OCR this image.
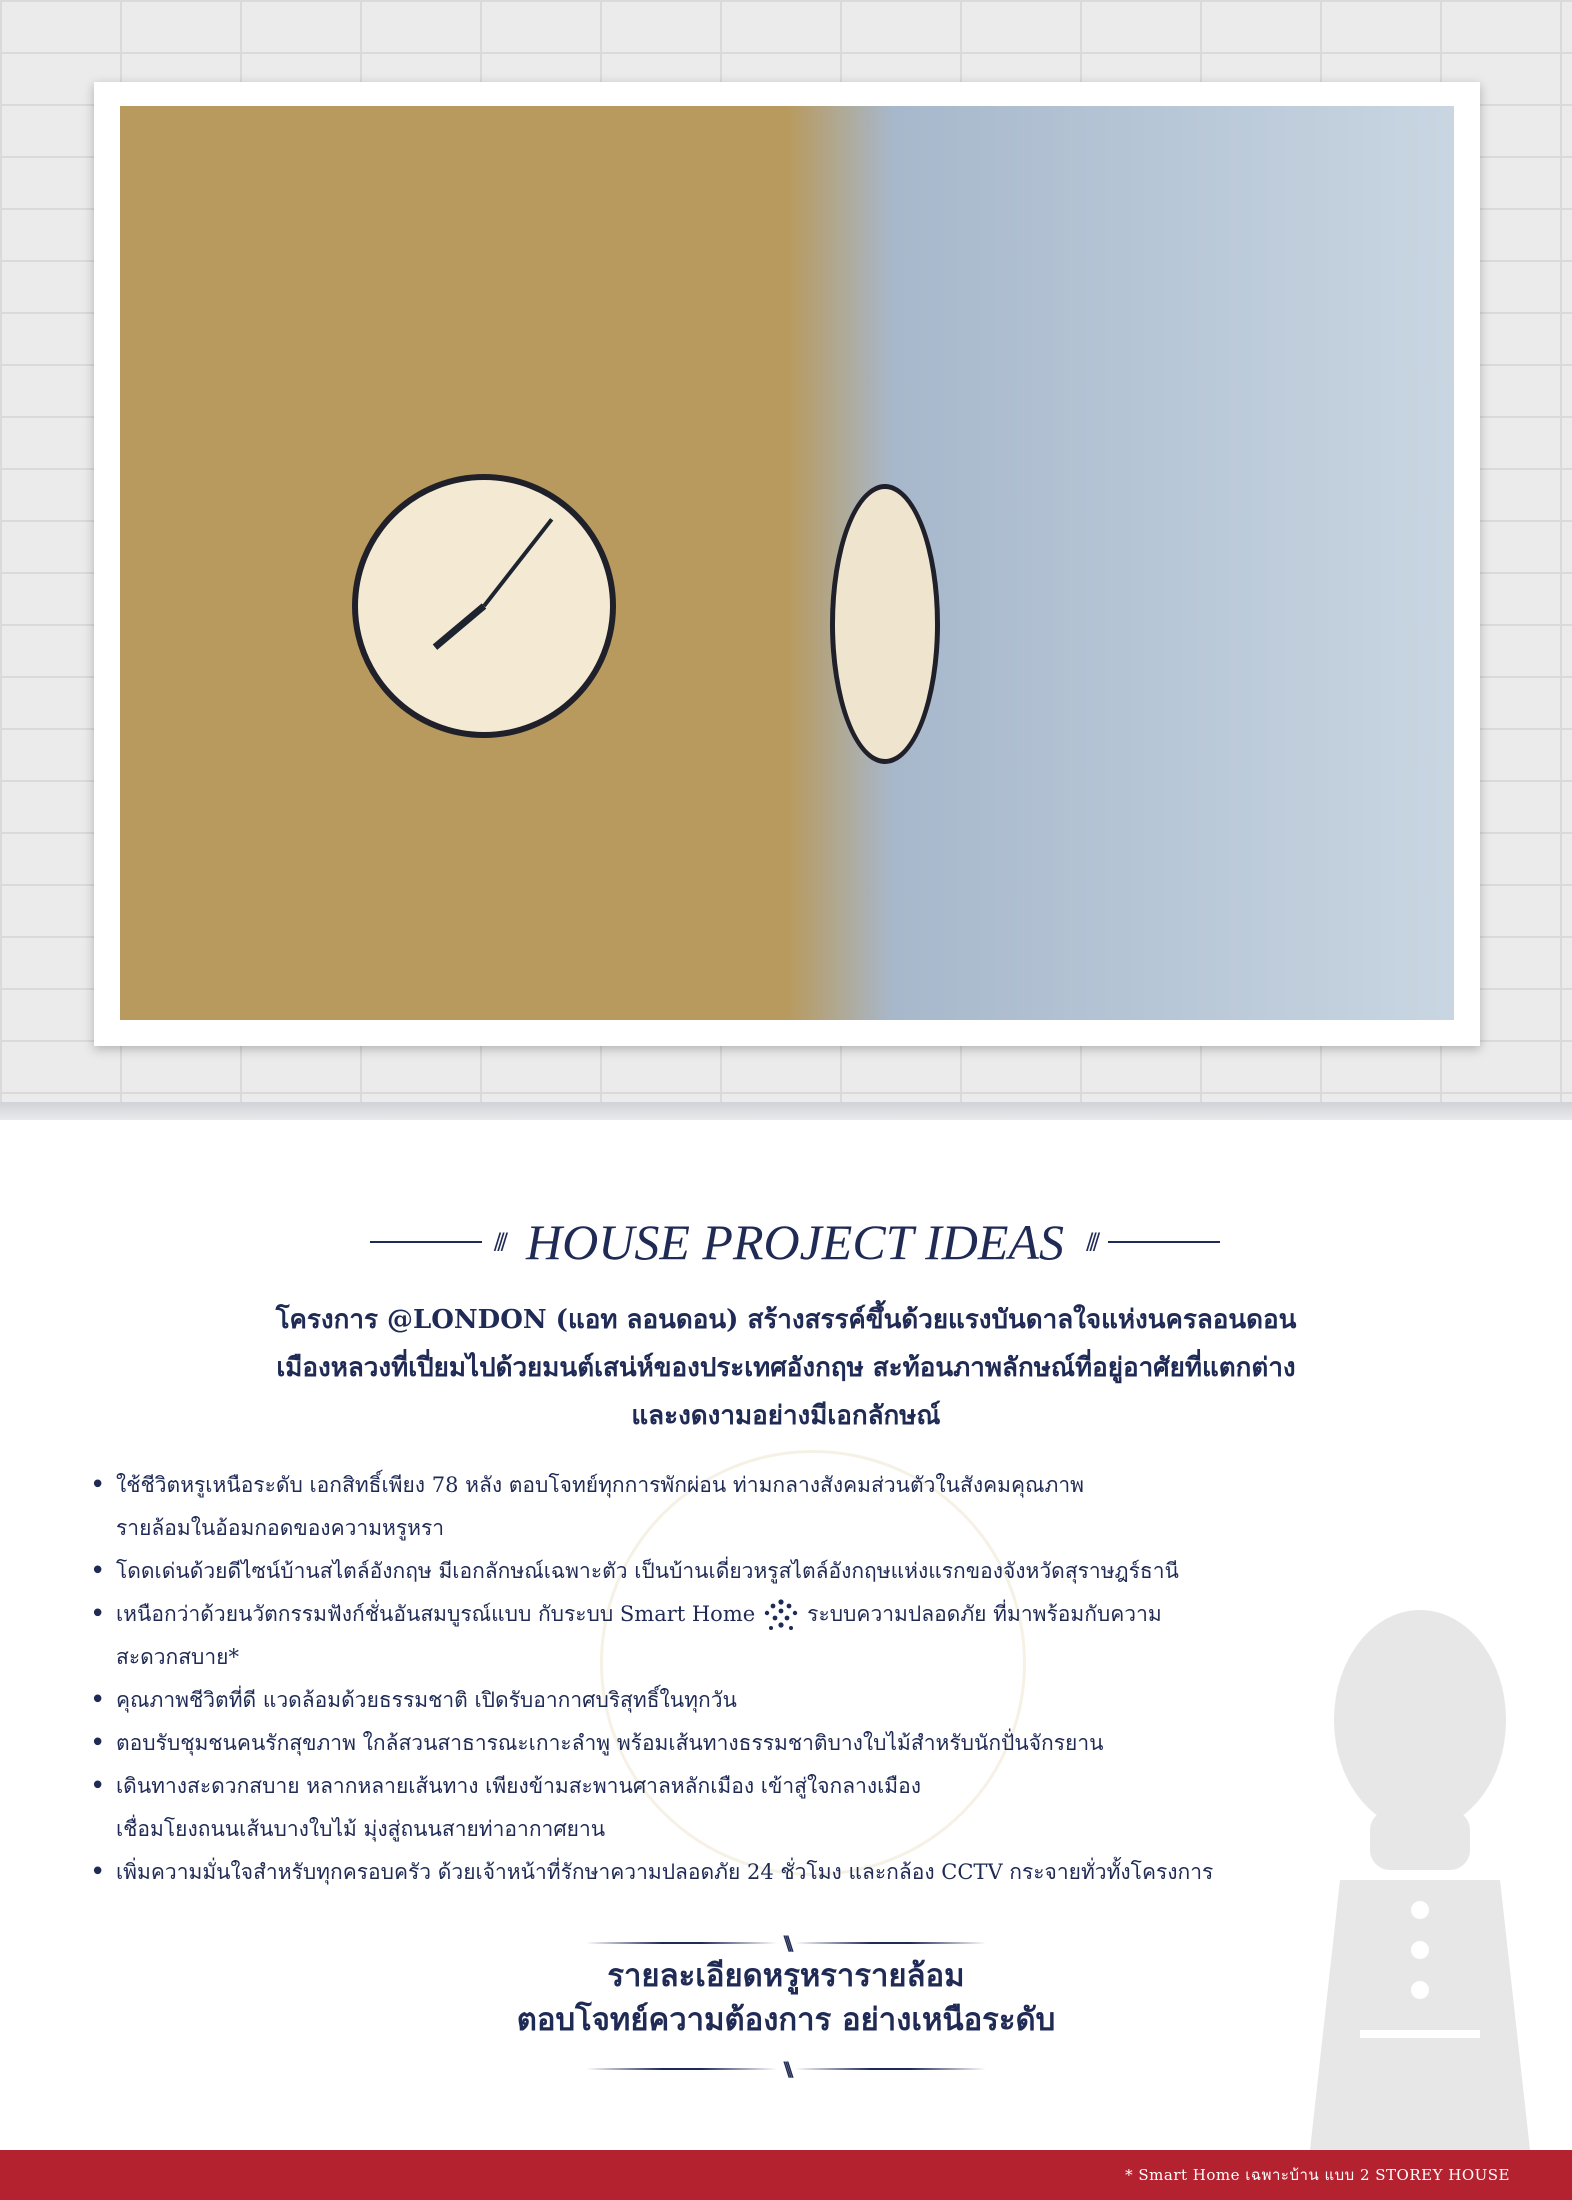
/// HOUSE PROJECT IDEAS ///
โครงการ @LONDON (แอท ลอนดอน) สร้างสรรค์ขึ้นด้วยแรงบันดาลใจแห่งนครลอนดอน
เมืองหลวงที่เปี่ยมไปด้วยมนต์เสน่ห์ของประเทศอังกฤษ สะท้อนภาพลักษณ์ที่อยู่อาศัยที่แตกต่าง
และงดงามอย่างมีเอกลักษณ์
• ใช้ชีวิตหรูเหนือระดับ เอกสิทธิ์เพียง 78 หลัง ตอบโจทย์ทุกการพักผ่อน ท่ามกลางสังคมส่วนตัวในสังคมคุณภาพ
รายล้อมในอ้อมกอดของความหรูหรา
• โดดเด่นด้วยดีไซน์บ้านสไตล์อังกฤษ มีเอกลักษณ์เฉพาะตัว เป็นบ้านเดี่ยวหรูสไตล์อังกฤษแห่งแรกของจังหวัดสุราษฎร์ธานี
• เหนือกว่าด้วยนวัตกรรมฟังก์ชั่นอันสมบูรณ์แบบ กับระบบ Smart Home ระบบความปลอดภัย ที่มาพร้อมกับความ
สะดวกสบาย*
• คุณภาพชีวิตที่ดี แวดล้อมด้วยธรรมชาติ เปิดรับอากาศบริสุทธิ์ในทุกวัน
• ตอบรับชุมชนคนรักสุขภาพ ใกล้สวนสาธารณะเกาะลำพู พร้อมเส้นทางธรรมชาติบางใบไม้สำหรับนักปั่นจักรยาน
• เดินทางสะดวกสบาย หลากหลายเส้นทาง เพียงข้ามสะพานศาลหลักเมือง เข้าสู่ใจกลางเมือง
เชื่อมโยงถนนเส้นบางใบไม้ มุ่งสู่ถนนสายท่าอากาศยาน
• เพิ่มความมั่นใจสำหรับทุกครอบครัว ด้วยเจ้าหน้าที่รักษาความปลอดภัย 24 ชั่วโมง และกล้อง CCTV กระจายทั่วทั้งโครงการ
\\\
รายละเอียดหรูหรารายล้อม
ตอบโจทย์ความต้องการ อย่างเหนือระดับ
\\\
* Smart Home เฉพาะบ้าน แบบ 2 STOREY HOUSE
